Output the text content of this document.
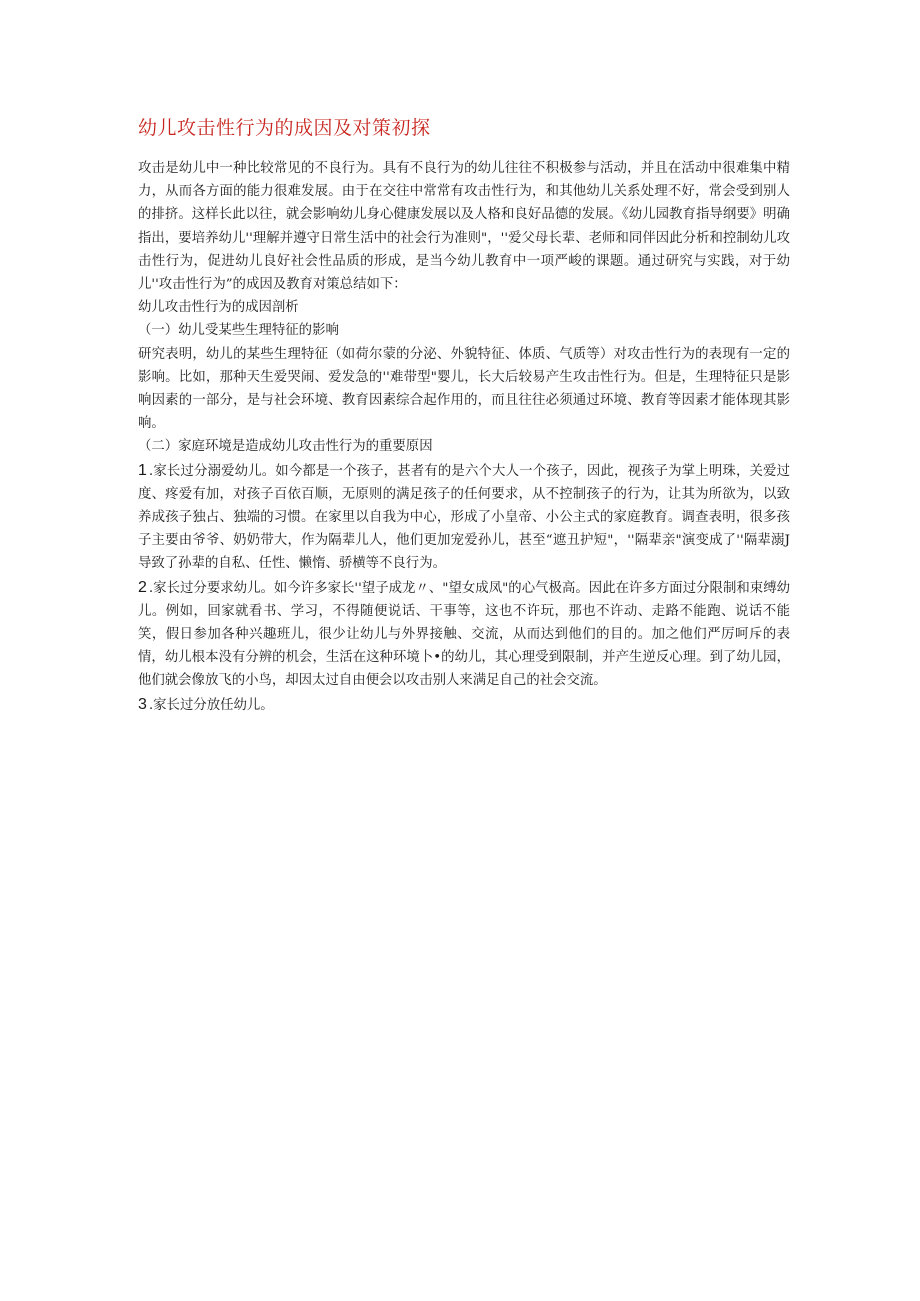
幼儿攻击性行为的成因及对策初探

攻击是幼儿中一种比较常见的不良行为。具有不良行为的幼儿往往不积极参与活动，并且在活动中很难集中精力，从而各方面的能力很难发展。由于在交往中常常有攻击性行为，和其他幼儿关系处理不好，常会受到别人的排挤。这样长此以往，就会影响幼儿身心健康发展以及人格和良好品德的发展。《幼儿园教育指导纲要》明确指出，要培养幼儿''理解并遵守日常生活中的社会行为准则"，''爱父母长辈、老师和同伴因此分析和控制幼儿攻击性行为，促进幼儿良好社会性品质的形成，是当今幼儿教育中一项严峻的课题。通过研究与实践，对于幼儿''攻击性行为”的成因及教育对策总结如下：

幼儿攻击性行为的成因剖析

（一）幼儿受某些生理特征的影响

研究表明，幼儿的某些生理特征（如荷尔蒙的分泌、外貌特征、体质、气质等）对攻击性行为的表现有一定的影响。比如，那种天生爱哭闹、爱发急的''难带型"婴儿，长大后较易产生攻击性行为。但是，生理特征只是影响因素的一部分，是与社会环境、教育因素综合起作用的，而且往往必须通过环境、教育等因素才能体现其影响。

（二）家庭环境是造成幼儿攻击性行为的重要原因

1 .家长过分溺爱幼儿。如今都是一个孩子，甚者有的是六个大人一个孩子，因此，视孩子为掌上明珠，关爱过度、疼爱有加，对孩子百依百顺，无原则的满足孩子的任何要求，从不控制孩子的行为，让其为所欲为，以致养成孩子独占、独端的习惯。在家里以自我为中心，形成了小皇帝、小公主式的家庭教育。调查表明，很多孩子主要由爷爷、奶奶带大，作为隔辈儿人，他们更加宠爱孙儿，甚至“遮丑护短"，''隔辈亲"演变成了''隔辈溺J导致了孙辈的自私、任性、懒惰、骄横等不良行为。

2 .家长过分要求幼儿。如今许多家长''望子成龙〃、"望女成凤"的心气极高。因此在许多方面过分限制和束缚幼儿。例如，回家就看书、学习，不得随便说话、干事等，这也不许玩，那也不许动、走路不能跑、说话不能笑，假日参加各种兴趣班儿，很少让幼儿与外界接触、交流，从而达到他们的目的。加之他们严厉呵斥的表情，幼儿根本没有分辨的机会，生活在这种环境卜•的幼儿，其心理受到限制，并产生逆反心理。到了幼儿园，他们就会像放飞的小鸟，却因太过自由便会以攻击别人来满足自己的社会交流。

3 .家长过分放任幼儿。
